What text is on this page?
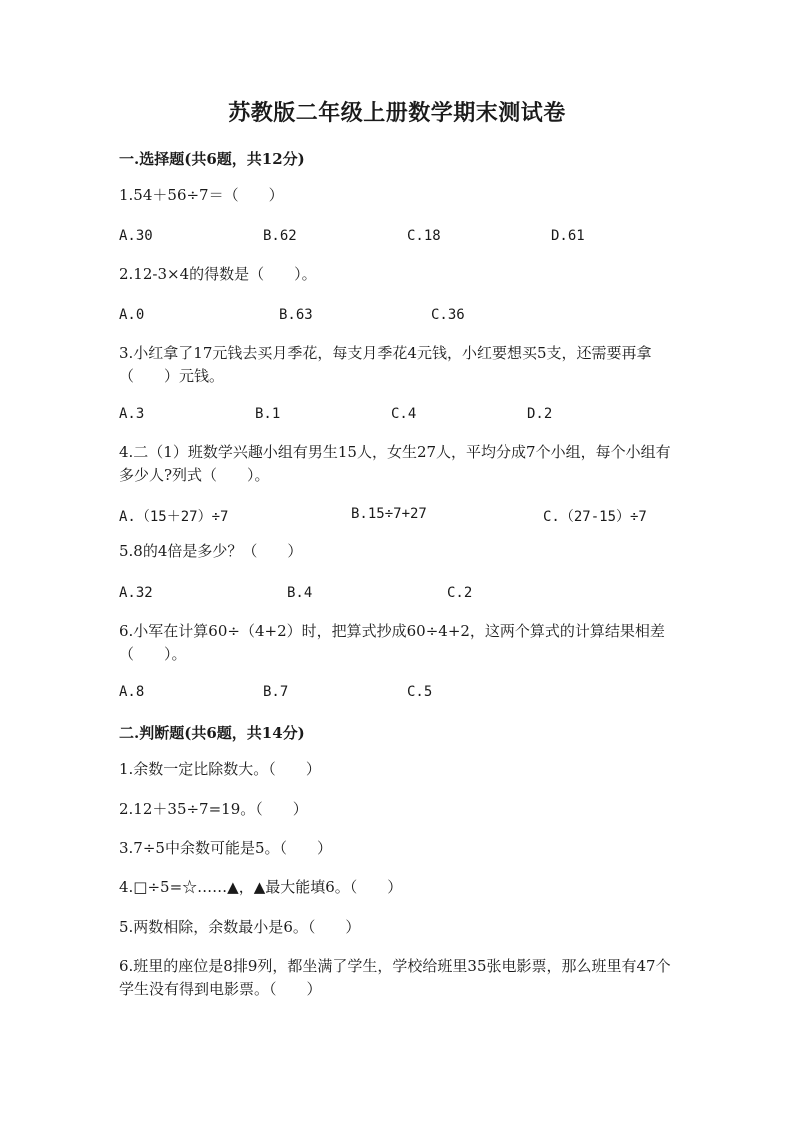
苏教版二年级上册数学期末测试卷
一.选择题(共6题，共12分)
1.54＋56÷7＝（　　）
A.30	B.62	C.18	D.61
2.12-3×4的得数是（　　）。
A.0	B.63	C.36
3.小红拿了17元钱去买月季花，每支月季花4元钱，小红要想买5支，还需要再拿（　　）元钱。
A.3	B.1	C.4	D.2
4.二（1）班数学兴趣小组有男生15人，女生27人，平均分成7个小组，每个小组有多少人?列式（　　）。
A.（15＋27）÷7	B.15÷7+27	C.（27-15）÷7
5.8的4倍是多少？（　　）
A.32	B.4	C.2
6.小军在计算60÷（4+2）时，把算式抄成60÷4+2，这两个算式的计算结果相差 （　　）。
A.8	B.7	C.5
二.判断题(共6题，共14分)
1.余数一定比除数大。（　　）
2.12＋35÷7=19。（　　）
3.7÷5中余数可能是5。（　　）
4.□÷5=☆……▲，▲最大能填6。（　　）
5.两数相除，余数最小是6。（　　）
6.班里的座位是8排9列，都坐满了学生，学校给班里35张电影票，那么班里有47个学生没有得到电影票。（　　）
